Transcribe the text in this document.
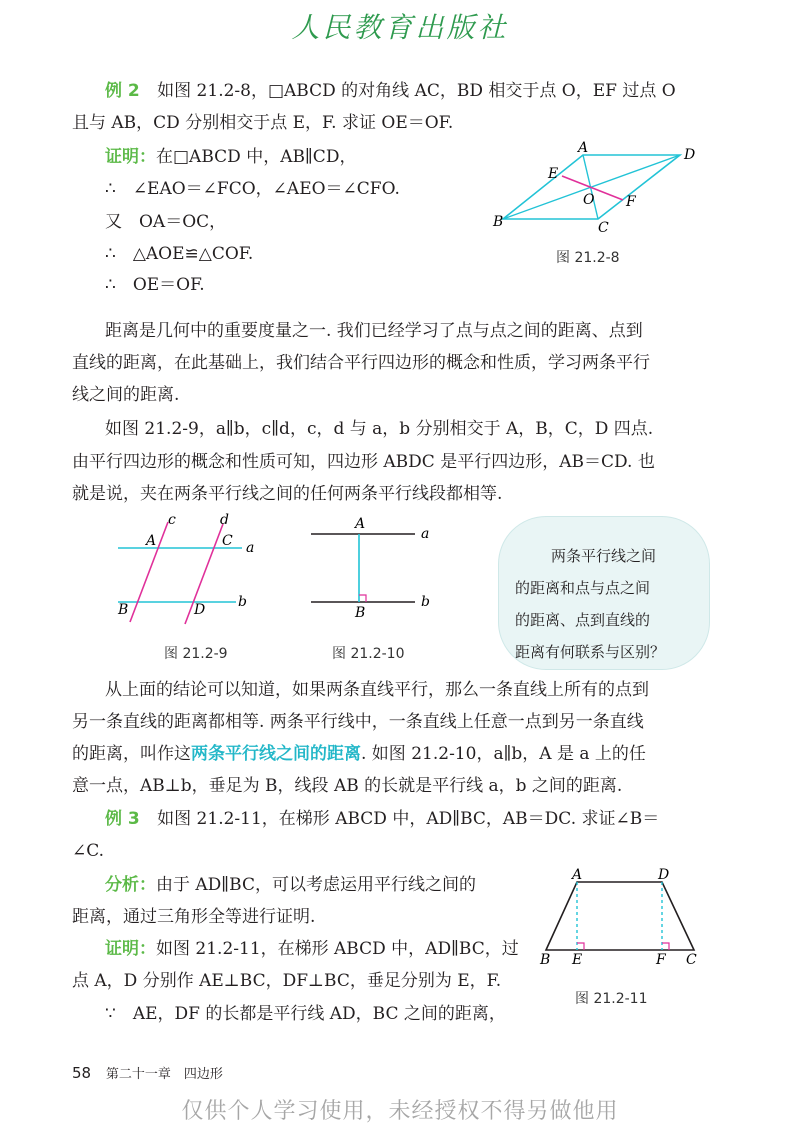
人民教育出版社
例 2 如图 21.2-8，□ABCD 的对角线 AC，BD 相交于点 O，EF 过点 O
且与 AB，CD 分别相交于点 E，F. 求证 OE＝OF.
证明：在□ABCD 中，AB∥CD，
∴　∠EAO＝∠FCO，∠AEO＝∠CFO.
又　OA＝OC，
∴　△AOE≌△COF.
∴　OE＝OF.
A	D
E
O F
B	C
图 21.2-8
距离是几何中的重要度量之一. 我们已经学习了点与点之间的距离、点到
直线的距离，在此基础上，我们结合平行四边形的概念和性质，学习两条平行
线之间的距离.
如图 21.2-9，a∥b，c∥d，c，d 与 a，b 分别相交于 A，B，C，D 四点.
由平行四边形的概念和性质可知，四边形 ABDC 是平行四边形，AB＝CD. 也
就是说，夹在两条平行线之间的任何两条平行线段都相等.
c	d
A	C a
B	D b
图 21.2-9
A
a
B
b
图 21.2-10
两条平行线之间
的距离和点与点之间
的距离、点到直线的
距离有何联系与区别？
从上面的结论可以知道，如果两条直线平行，那么一条直线上所有的点到
另一条直线的距离都相等. 两条平行线中，一条直线上任意一点到另一条直线
的距离，叫作这两条平行线之间的距离. 如图 21.2-10，a∥b，A 是 a 上的任
意一点，AB⊥b，垂足为 B，线段 AB 的长就是平行线 a，b 之间的距离.
例 3 如图 21.2-11，在梯形 ABCD 中，AD∥BC，AB＝DC. 求证∠B＝
∠C.
分析：由于 AD∥BC，可以考虑运用平行线之间的
距离，通过三角形全等进行证明.
证明：如图 21.2-11，在梯形 ABCD 中，AD∥BC，过
点 A，D 分别作 AE⊥BC，DF⊥BC，垂足分别为 E，F.
∵　AE，DF 的长都是平行线 AD，BC 之间的距离，
A	D
B E	F C
图 21.2-11
58 第二十一章　四边形
仅供个人学习使用，未经授权不得另做他用
